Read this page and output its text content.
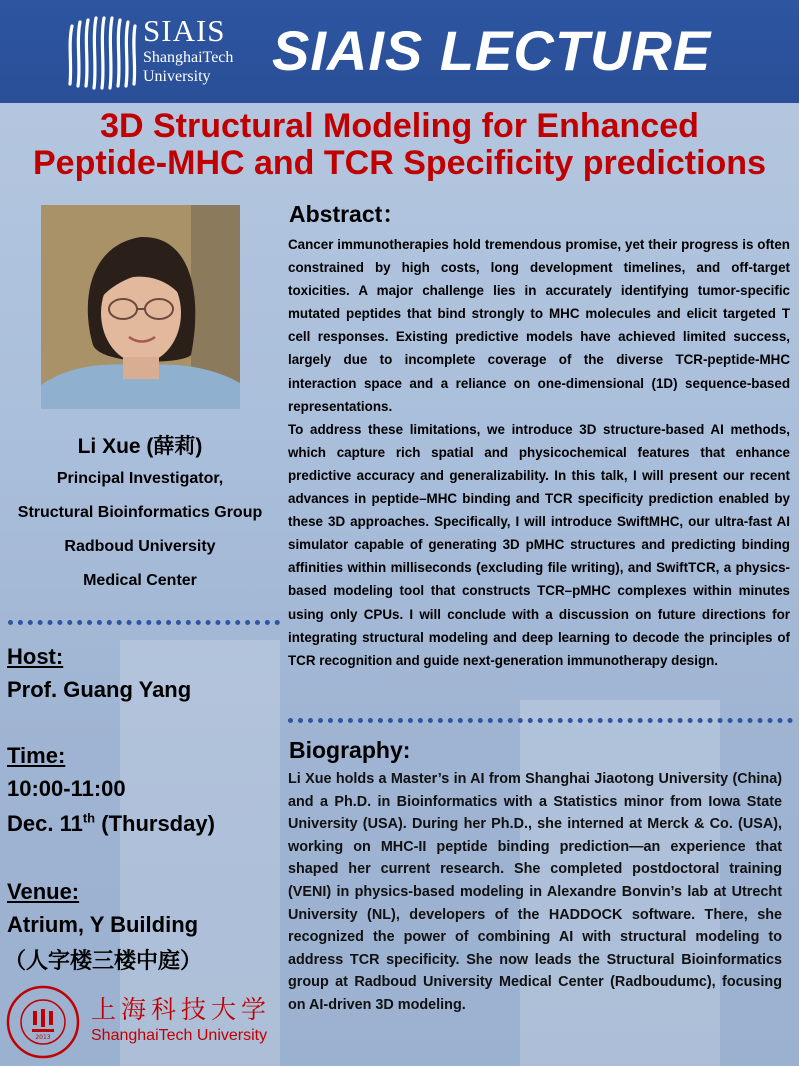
SIAIS
ShanghaiTech
University	SIAIS LECTURE
3D Structural Modeling for Enhanced
Peptide-MHC and TCR Specificity predictions
Li Xue (薛莉)
Principal Investigator,
Structural Bioinformatics Group
Radboud University
Medical Center
Host:
Prof. Guang Yang
Time:
10:00-11:00
Dec. 11th (Thursday)
Venue:
Atrium, Y Building
（人字楼三楼中庭）
Abstract：

Cancer immunotherapies hold tremendous promise, yet their progress is often constrained by high costs, long development timelines, and off-target toxicities. A major challenge lies in accurately identifying tumor-specific mutated peptides that bind strongly to MHC molecules and elicit targeted T cell responses. Existing predictive models have achieved limited success, largely due to incomplete coverage of the diverse TCR-peptide-MHC interaction space and a reliance on one-dimensional (1D) sequence-based representations.

To address these limitations, we introduce 3D structure-based AI methods, which capture rich spatial and physicochemical features that enhance predictive accuracy and generalizability. In this talk, I will present our recent advances in peptide–MHC binding and TCR specificity prediction enabled by these 3D approaches. Specifically, I will introduce SwiftMHC, our ultra-fast AI simulator capable of generating 3D pMHC structures and predicting binding affinities within milliseconds (excluding file writing), and SwiftTCR, a physics-based modeling tool that constructs TCR–pMHC complexes within minutes using only CPUs. I will conclude with a discussion on future directions for integrating structural modeling and deep learning to decode the principles of TCR recognition and guide next-generation immunotherapy design.

Biography:
Li Xue holds a Master’s in AI from Shanghai Jiaotong University (China) and a Ph.D. in Bioinformatics with a Statistics minor from Iowa State University (USA). During her Ph.D., she interned at Merck & Co. (USA), working on MHC-II peptide binding prediction—an experience that shaped her current research. She completed postdoctoral training (VENI) in physics-based modeling in Alexandre Bonvin’s lab at Utrecht University (NL), developers of the HADDOCK software. There, she recognized the power of combining AI with structural modeling to address TCR specificity. She now leads the Structural Bioinformatics group at Radboud University Medical Center (Radboudumc), focusing on AI-driven 3D modeling.
2013
上海科技大学
ShanghaiTech University
